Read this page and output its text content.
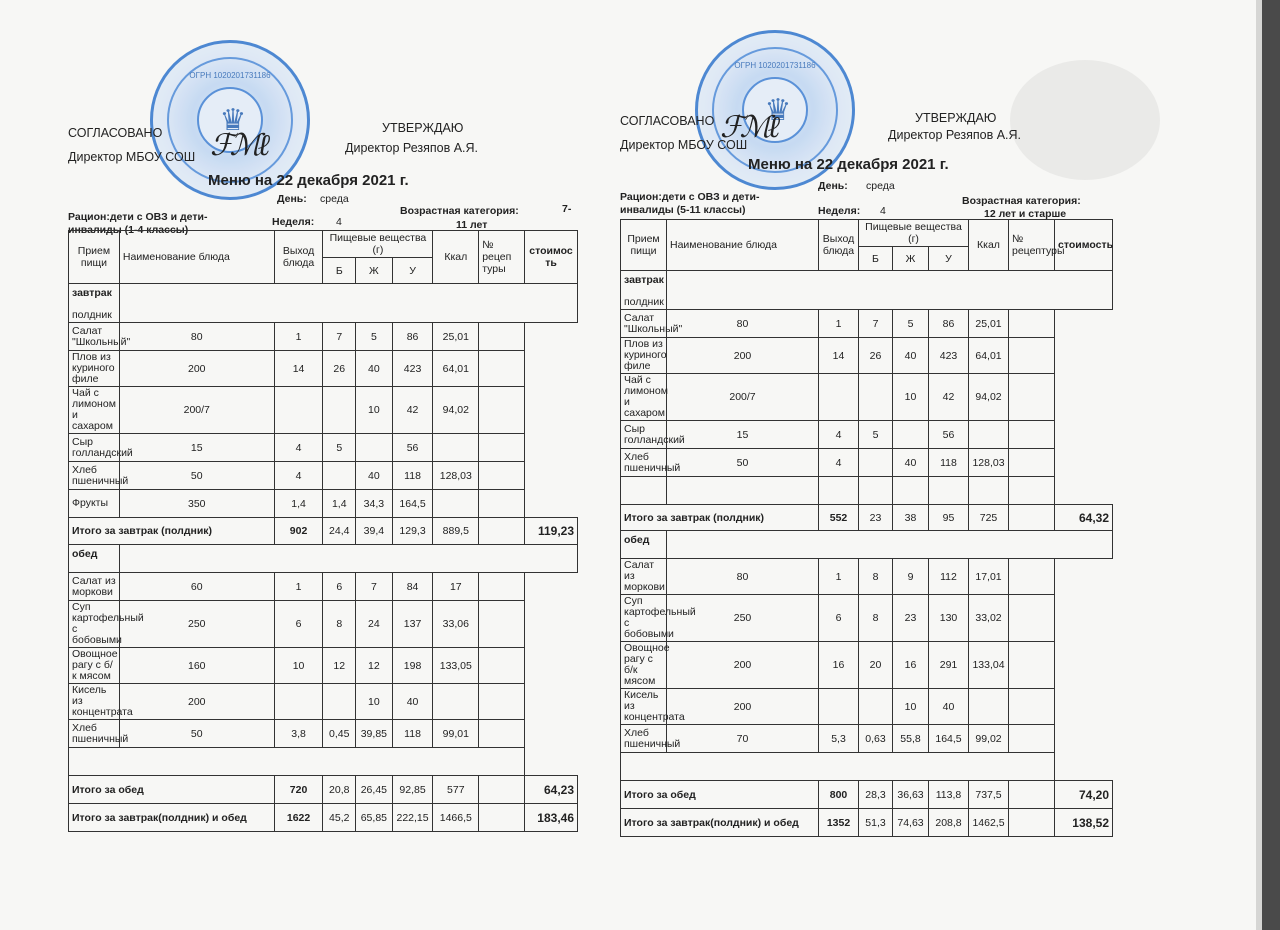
ОГРН 1020201731186
♛
ℱℳℓ
СОГЛАСОВАНО
Директор МБОУ СОШ
УТВЕРЖДАЮ
Директор Резяпов А.Я.
Меню на 22 декабря 2021 г.
День: среда
Рацион:дети с ОВЗ и дети-
инвалиды (1-4 классы)
Неделя: 4
Возрастная категория:	7-
11 лет
Прием пищи	Наименование блюда	Выход блюда	Пищевые вещества (г)			Ккал	№ рецеп туры	стоимос ть
			Б	Ж	У			

завтрак
полдник								

Салат "Школьный"	80	1	7	5	86	25,01		
Плов из куриного филе	200	14	26	40	423	64,01		
Чай с лимоном и сахаром	200/7			10	42	94,02		
Сыр голландский	15	4	5		56			
Хлеб пшеничный	50	4		40	118	128,03		
Фрукты	350	1,4	1,4	34,3	164,5			
Итого за завтрак (полдник)		902	24,4	39,4	129,3	889,5		119,23
обед								
Салат из моркови	60	1	6	7	84	17		
Суп картофельный с бобовыми	250	6	8	24	137	33,06		
Овощное рагу с б/к мясом	160	10	12	12	198	133,05		
Кисель из концентрата	200			10	40			
Хлеб пшеничный	50	3,8	0,45	39,85	118	99,01		

Итого за обед		720	20,8	26,45	92,85	577		64,23
Итого за завтрак(полдник) и обед		1622	45,2	65,85	222,15	1466,5		183,46
ОГРН 1020201731186
♛
ℱℳℓ
СОГЛАСОВАНО
Директор МБОУ СОШ
УТВЕРЖДАЮ
Директор Резяпов А.Я.
Меню на 22 декабря 2021 г.
День: среда
Рацион:дети с ОВЗ и дети-
инвалиды (5-11 классы)	Неделя: 4
Возрастная категория:
12 лет и старше
Прием пищи	Наименование блюда	Выход блюда	Пищевые вещества (г)			Ккал	№ рецептуры	стоимость
			Б	Ж	У			

завтрак
полдник								

Салат "Школьный"	80	1	7	5	86	25,01		
Плов из куриного филе	200	14	26	40	423	64,01		
Чай с лимоном и сахаром	200/7			10	42	94,02		
Сыр голландский	15	4	5		56			
Хлеб пшеничный	50	4		40	118	128,03		

Итого за завтрак (полдник)		552	23	38	95	725		64,32
обед								
Салат из моркови	80	1	8	9	112	17,01		
Суп картофельный с бобовыми	250	6	8	23	130	33,02		
Овощное рагу с б/к мясом	200	16	20	16	291	133,04		
Кисель из концентрата	200			10	40			
Хлеб пшеничный	70	5,3	0,63	55,8	164,5	99,02		

Итого за обед		800	28,3	36,63	113,8	737,5		74,20
Итого за завтрак(полдник) и обед		1352	51,3	74,63	208,8	1462,5		138,52
